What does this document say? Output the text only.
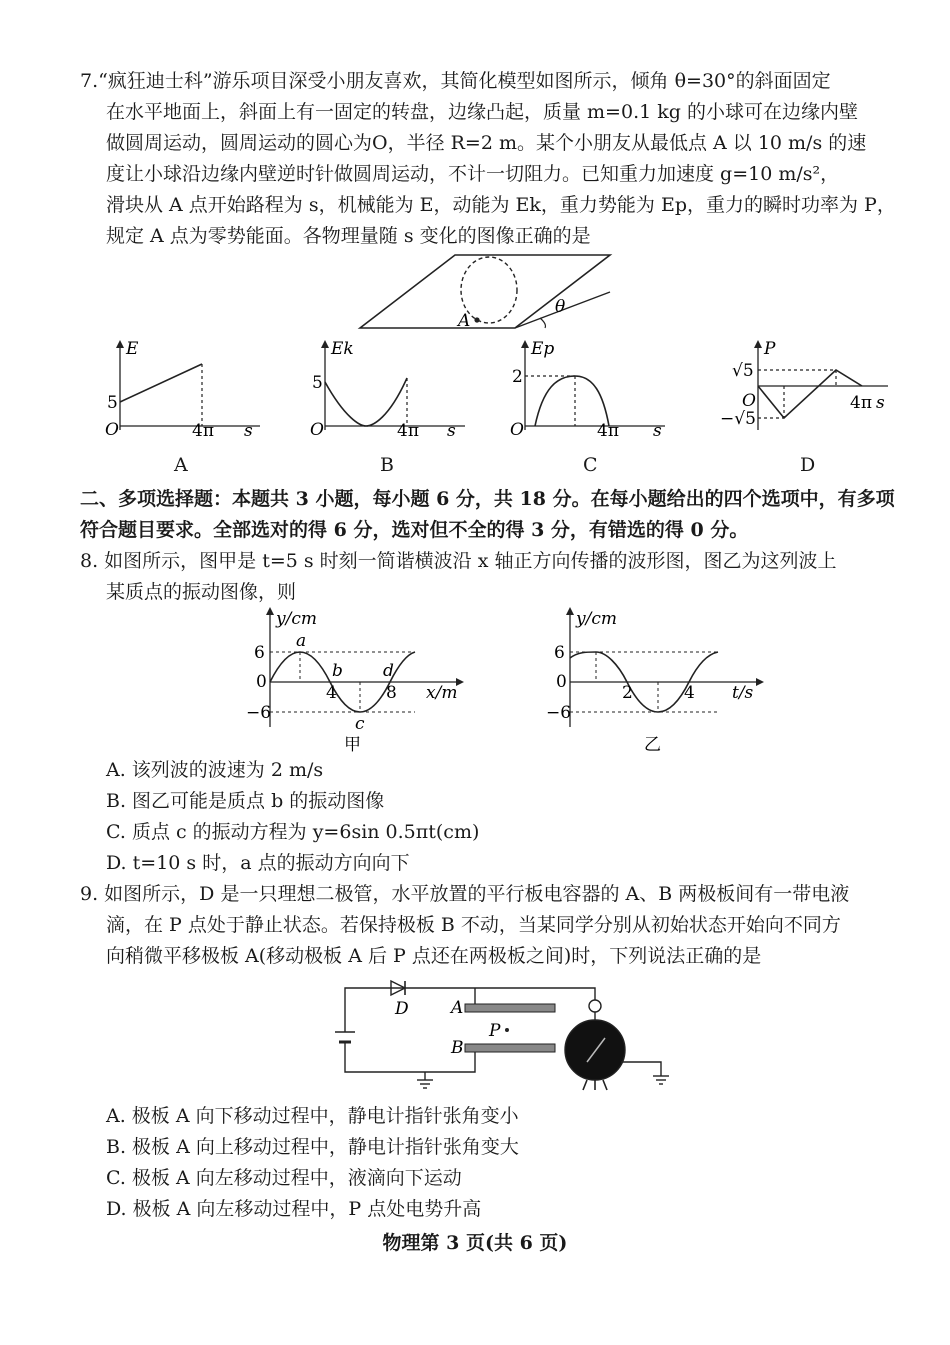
7.“疯狂迪士科”游乐项目深受小朋友喜欢，其简化模型如图所示，倾角 θ=30°的斜面固定

在水平地面上，斜面上有一固定的转盘，边缘凸起，质量 m=0.1 kg 的小球可在边缘内壁

做圆周运动，圆周运动的圆心为O，半径 R=2 m。某个小朋友从最低点 A 以 10 m/s 的速

度让小球沿边缘内壁逆时针做圆周运动，不计一切阻力。已知重力加速度 g=10 m/s²，

滑块从 A 点开始路程为 s，机械能为 E，动能为 Ek，重力势能为 Ep，重力的瞬时功率为 P，

规定 A 点为零势能面。各物理量随 s 变化的图像正确的是

A
θ
E
5
O	4π s
A
Ek
5
O	4π s
B
Ep
2
O	4π s
C
P
√5
O
−√5
4π s
D

二、多项选择题：本题共 3 小题，每小题 6 分，共 18 分。在每小题给出的四个选项中，有多项

符合题目要求。全部选对的得 6 分，选对但不全的得 3 分，有错选的得 0 分。

8. 如图所示，图甲是 t=5 s 时刻一简谐横波沿 x 轴正方向传播的波形图，图乙为这列波上

某质点的振动图像，则

y/cm
6
0
−6
4	8 x/m
a
b
c
d
甲
y/cm
6
0
−6
2	4 t/s
乙
A. 该列波的波速为 2 m/s
B. 图乙可能是质点 b 的振动图像
C. 质点 c 的振动方程为 y=6sin 0.5πt(cm)
D. t=10 s 时，a 点的振动方向向下

9. 如图所示，D 是一只理想二极管，水平放置的平行板电容器的 A、B 两极板间有一带电液

滴，在 P 点处于静止状态。若保持极板 B 不动，当某同学分别从初始状态开始向不同方

向稍微平移极板 A(移动极板 A 后 P 点还在两极板之间)时，下列说法正确的是

D A
P
B
A. 极板 A 向下移动过程中，静电计指针张角变小
B. 极板 A 向上移动过程中，静电计指针张角变大
C. 极板 A 向左移动过程中，液滴向下运动
D. 极板 A 向左移动过程中，P 点处电势升高
物理第 3 页(共 6 页)
